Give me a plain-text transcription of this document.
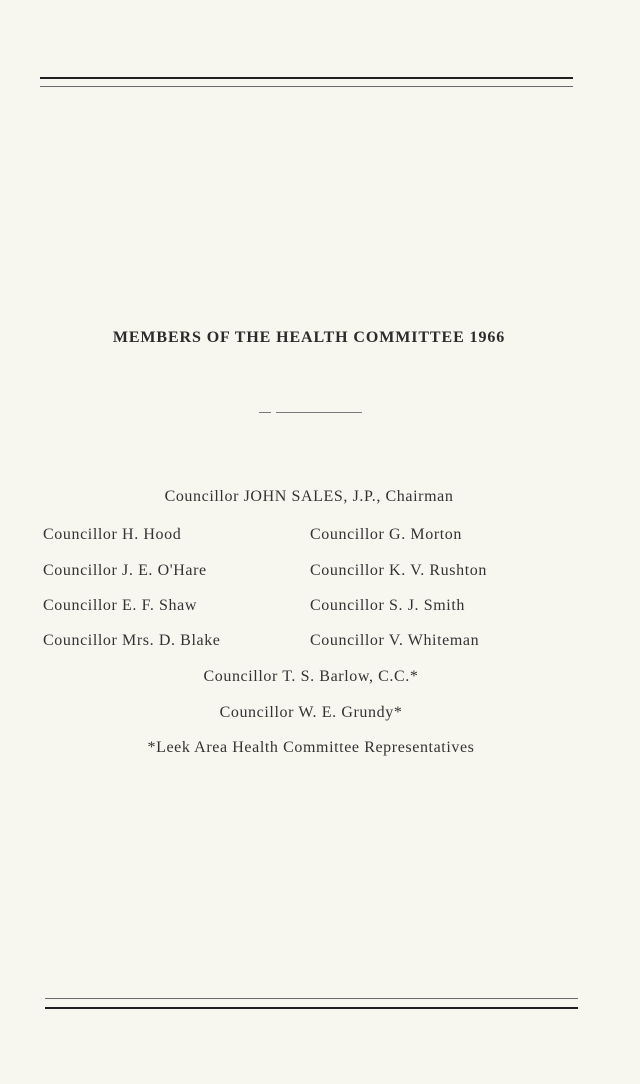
MEMBERS OF THE HEALTH COMMITTEE 1966
Councillor JOHN SALES, J.P., Chairman
Councillor H. Hood	Councillor G. Morton
Councillor J. E. O'Hare	Councillor K. V. Rushton
Councillor E. F. Shaw	Councillor S. J. Smith
Councillor Mrs. D. Blake	Councillor V. Whiteman
Councillor T. S. Barlow, C.C.*
Councillor W. E. Grundy*
*Leek Area Health Committee Representatives
